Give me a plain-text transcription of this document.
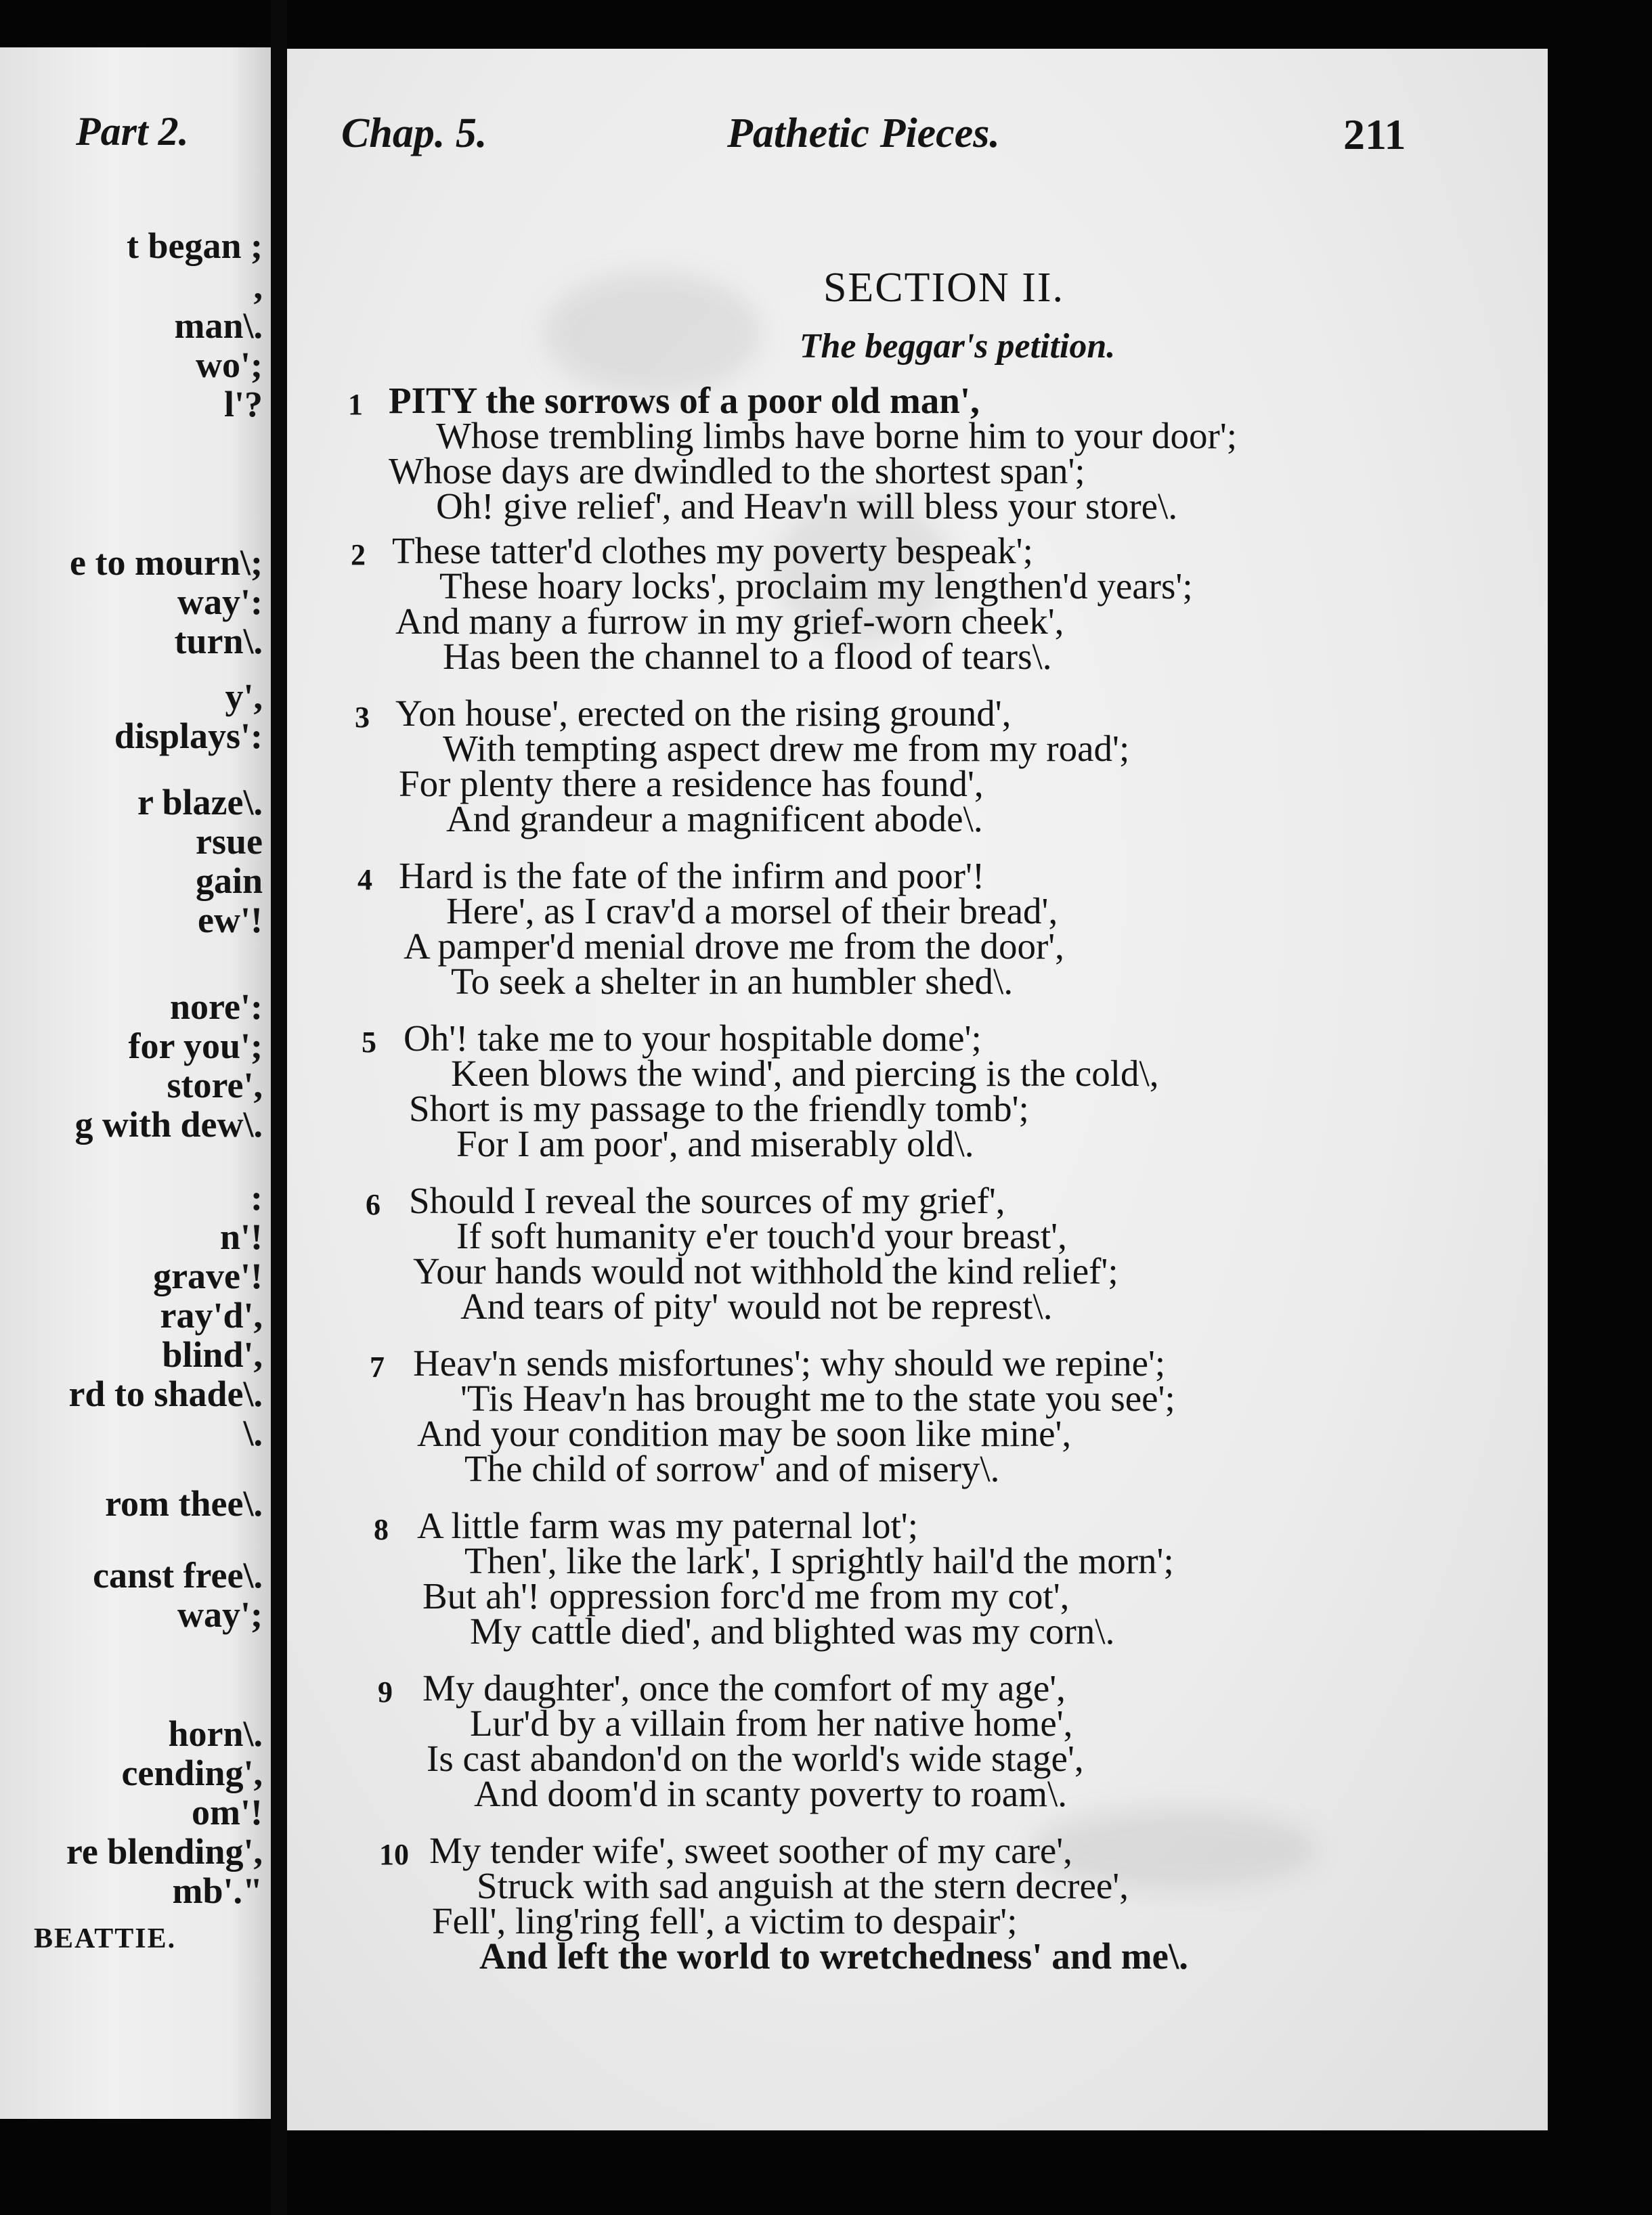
Part 2.
t began ;
,
man\.
wo';
l'?
e to mourn\;
way':
turn\.
y',
displays':
r blaze\.
rsue
gain
ew'!
nore':
for you';
store',
g with dew\.
:
n'!
grave'!
ray'd',
blind',
rd to shade\.
\.
rom thee\.
canst free\.
way';
horn\.
cending',
om'!
re blending',
mb'."
BEATTIE.
Chap. 5.	Pathetic Pieces.	211
SECTION II.
The beggar's petition.
1 PITY the sorrows of a poor old man',
Whose trembling limbs have borne him to your door';
Whose days are dwindled to the shortest span';
Oh! give relief', and Heav'n will bless your store\.
2 These tatter'd clothes my poverty bespeak';
These hoary locks', proclaim my lengthen'd years';
And many a furrow in my grief-worn cheek',
Has been the channel to a flood of tears\.
3 Yon house', erected on the rising ground',
With tempting aspect drew me from my road';
For plenty there a residence has found',
And grandeur a magnificent abode\.
4 Hard is the fate of the infirm and poor'!
Here', as I crav'd a morsel of their bread',
A pamper'd menial drove me from the door',
To seek a shelter in an humbler shed\.
5 Oh'! take me to your hospitable dome';
Keen blows the wind', and piercing is the cold\,
Short is my passage to the friendly tomb';
For I am poor', and miserably old\.
6 Should I reveal the sources of my grief',
If soft humanity e'er touch'd your breast',
Your hands would not withhold the kind relief';
And tears of pity' would not be represt\.
7 Heav'n sends misfortunes'; why should we repine';
'Tis Heav'n has brought me to the state you see';
And your condition may be soon like mine',
The child of sorrow' and of misery\.
8 A little farm was my paternal lot';
Then', like the lark', I sprightly hail'd the morn';
But ah'! oppression forc'd me from my cot',
My cattle died', and blighted was my corn\.
9 My daughter', once the comfort of my age',
Lur'd by a villain from her native home',
Is cast abandon'd on the world's wide stage',
And doom'd in scanty poverty to roam\.
10 My tender wife', sweet soother of my care',
Struck with sad anguish at the stern decree',
Fell', ling'ring fell', a victim to despair';
And left the world to wretchedness' and me\.
